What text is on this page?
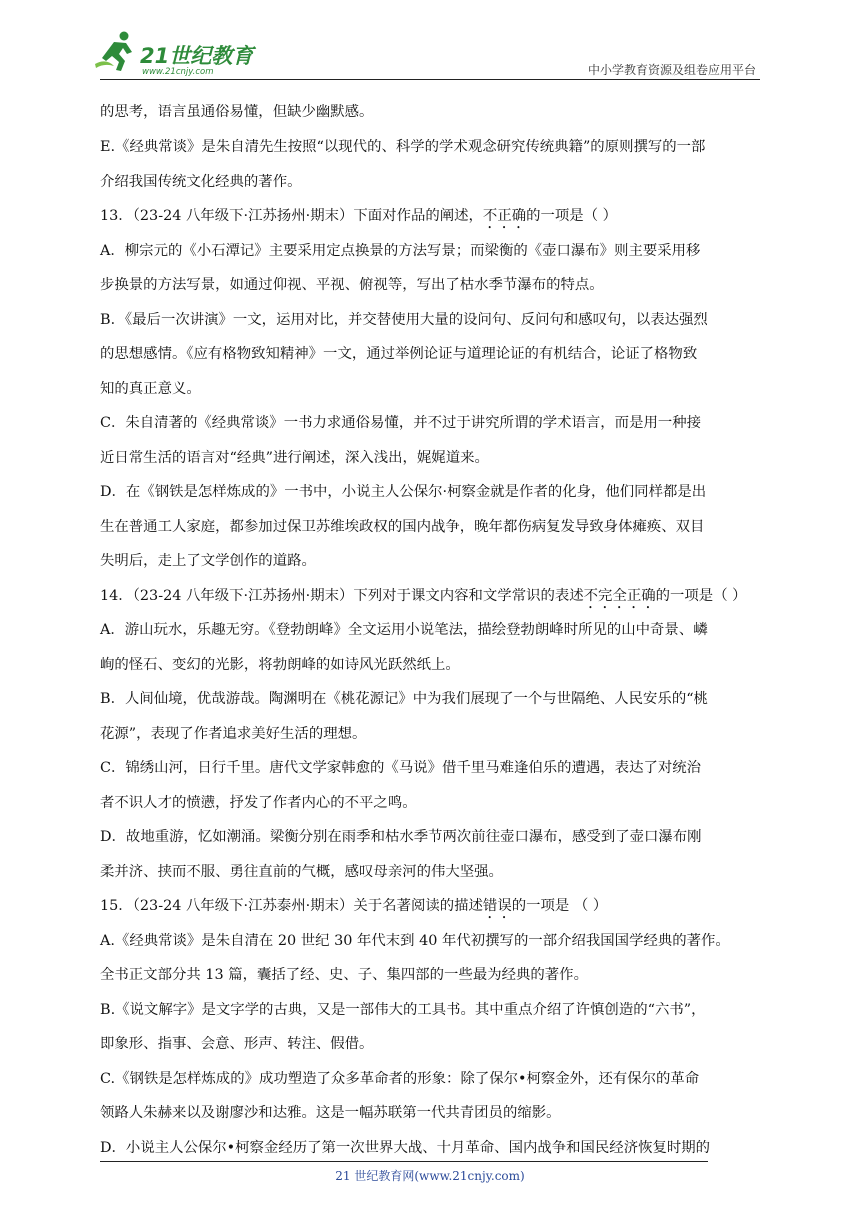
21世纪教育
www.21cnjy.com	中小学教育资源及组卷应用平台
的思考，语言虽通俗易懂，但缺少幽默感。
E.《经典常谈》是朱自清先生按照“以现代的、科学的学术观念研究传统典籍”的原则撰写的一部
介绍我国传统文化经典的著作。
13．（23-24 八年级下·江苏扬州·期末）下面对作品的阐述，不正确的一项是（ ）
A．柳宗元的《小石潭记》主要采用定点换景的方法写景；而梁衡的《壶口瀑布》则主要采用移
步换景的方法写景，如通过仰视、平视、俯视等，写出了枯水季节瀑布的特点。
B．《最后一次讲演》一文，运用对比，并交替使用大量的设问句、反问句和感叹句，以表达强烈
的思想感情。《应有格物致知精神》一文，通过举例论证与道理论证的有机结合，论证了格物致
知的真正意义。
C．朱自清著的《经典常谈》一书力求通俗易懂，并不过于讲究所谓的学术语言，而是用一种接
近日常生活的语言对“经典”进行阐述，深入浅出，娓娓道来。
D．在《钢铁是怎样炼成的》一书中，小说主人公保尔·柯察金就是作者的化身，他们同样都是出
生在普通工人家庭，都参加过保卫苏维埃政权的国内战争，晚年都伤病复发导致身体瘫痪、双目
失明后，走上了文学创作的道路。
14．（23-24 八年级下·江苏扬州·期末）下列对于课文内容和文学常识的表述不完全正确的一项是（ ）
A．游山玩水，乐趣无穷。《登勃朗峰》全文运用小说笔法，描绘登勃朗峰时所见的山中奇景、嶙
峋的怪石、变幻的光影，将勃朗峰的如诗风光跃然纸上。
B．人间仙境，优哉游哉。陶渊明在《桃花源记》中为我们展现了一个与世隔绝、人民安乐的“桃
花源”，表现了作者追求美好生活的理想。
C．锦绣山河，日行千里。唐代文学家韩愈的《马说》借千里马难逢伯乐的遭遇，表达了对统治
者不识人才的愤懑，抒发了作者内心的不平之鸣。
D．故地重游，忆如潮涌。梁衡分别在雨季和枯水季节两次前往壶口瀑布，感受到了壶口瀑布刚
柔并济、挟而不服、勇往直前的气概，感叹母亲河的伟大坚强。
15．（23-24 八年级下·江苏泰州·期末）关于名著阅读的描述错误的一项是 （ ）
A.《经典常谈》是朱自清在 20 世纪 30 年代末到 40 年代初撰写的一部介绍我国国学经典的著作。
全书正文部分共 13 篇，囊括了经、史、子、集四部的一些最为经典的著作。
B.《说文解字》是文字学的古典，又是一部伟大的工具书。其中重点介绍了许慎创造的“六书”，
即象形、指事、会意、形声、转注、假借。
C.《钢铁是怎样炼成的》成功塑造了众多革命者的形象：除了保尔•柯察金外，还有保尔的革命
领路人朱赫来以及谢廖沙和达雅。这是一幅苏联第一代共青团员的缩影。
D．小说主人公保尔•柯察金经历了第一次世界大战、十月革命、国内战争和国民经济恢复时期的
21 世纪教育网(www.21cnjy.com)
